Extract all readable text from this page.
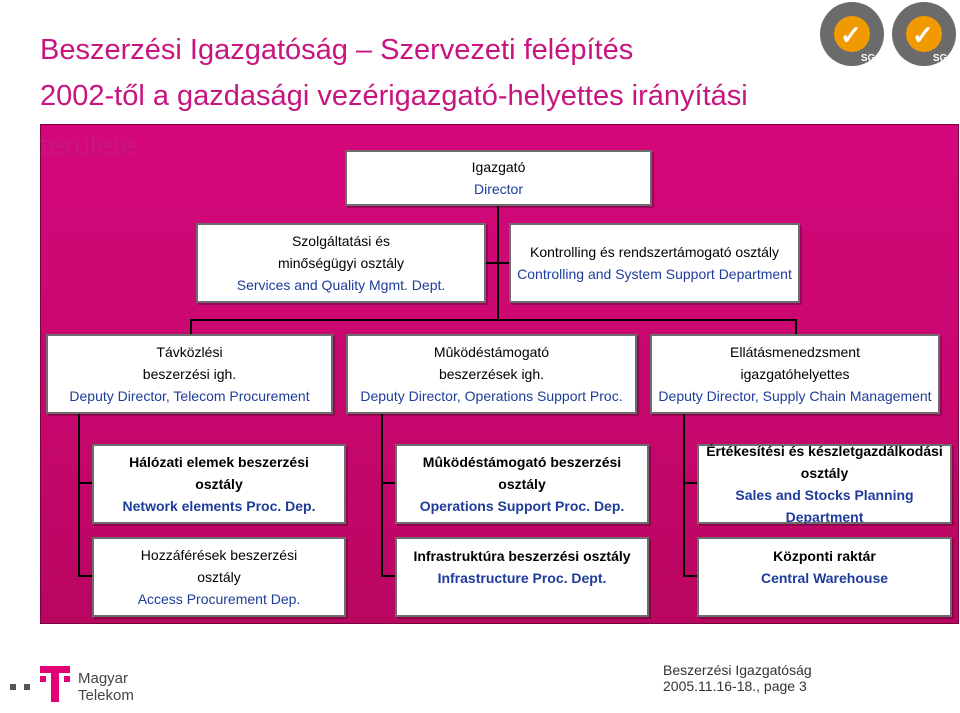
Beszerzési Igazgatóság – Szervezeti felépítés
2002-től a gazdasági vezérigazgató-helyettes irányítási
✓
SGS
✓
SGS
területe
Igazgató
Director
Szolgáltatási és
minőségügyi osztály
Services and Quality Mgmt. Dept.
Kontrolling és rendszertámogató osztály
Controlling and System Support Department
Távközlési
beszerzési igh.
Deputy Director, Telecom Procurement
Mûködéstámogató
beszerzések igh.
Deputy Director, Operations Support Proc.
Ellátásmenedzsment
igazgatóhelyettes
Deputy Director, Supply Chain Management
Hálózati elemek beszerzési
osztály
Network elements Proc. Dep.
Mûködéstámogató beszerzési
osztály
Operations Support Proc. Dep.
Értékesítési és készletgazdálkodási
osztály
Sales and Stocks Planning Department
Hozzáférések beszerzési
osztály
Access Procurement Dep.
Infrastruktúra beszerzési osztály
Infrastructure Proc. Dept.
Központi raktár
Central Warehouse
Magyar
Telekom
Beszerzési Igazgatóság
2005.11.16-18., page 3
